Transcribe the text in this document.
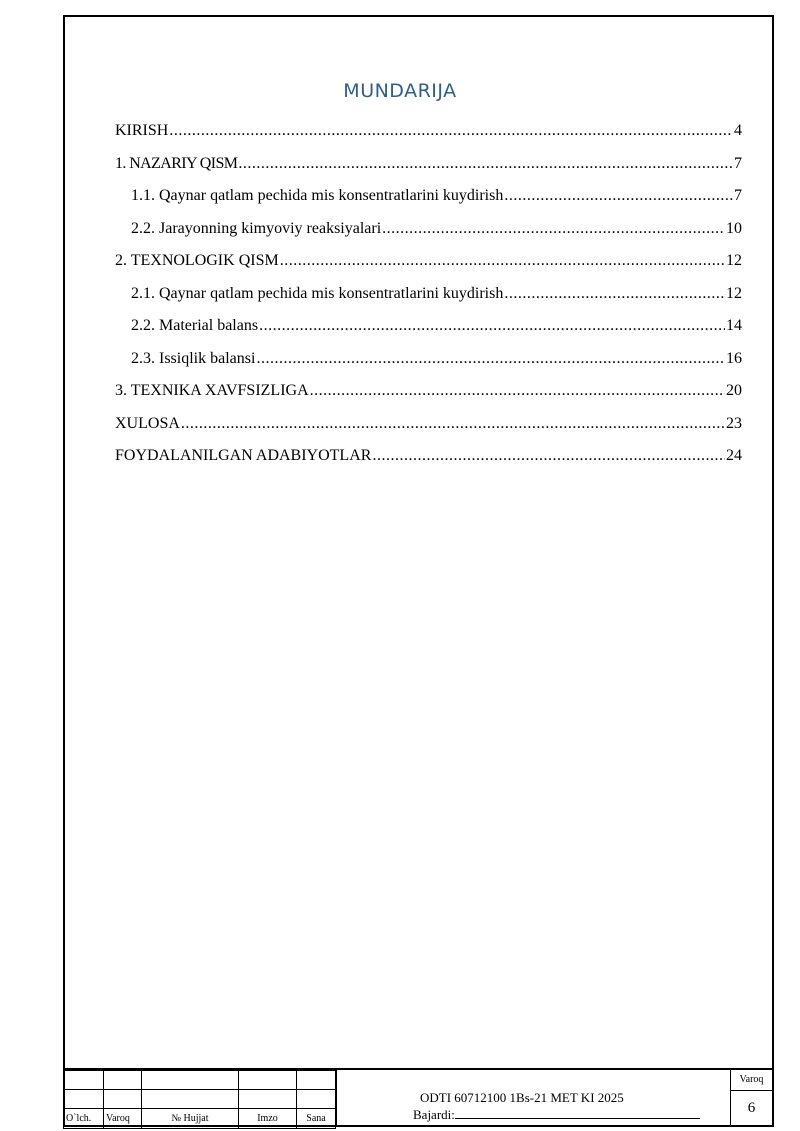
MUNDARIJA
KIRISH .....	4
1. NAZARIY QISM .....	7
1.1. Qaynar qatlam pechida mis konsentratlarini kuydirish .....	7
2.2. Jarayonning kimyoviy reaksiyalari .....	10
2. TEXNOLOGIK QISM .....	12
2.1. Qaynar qatlam pechida mis konsentratlarini kuydirish .....	12
2.2. Material balans .....	14
2.3. Issiqlik balansi .....	16
3. TEXNIKA XAVFSIZLIGA .....	20
XULOSA .....	23
FOYDALANILGAN ADABIYOTLAR .....	24

O`lch.	Varoq	№ Hujjat	Imzo	Sana
ODTI 60712100 1Bs-21 MET KI 2025
Bajardi:
Varoq
6
